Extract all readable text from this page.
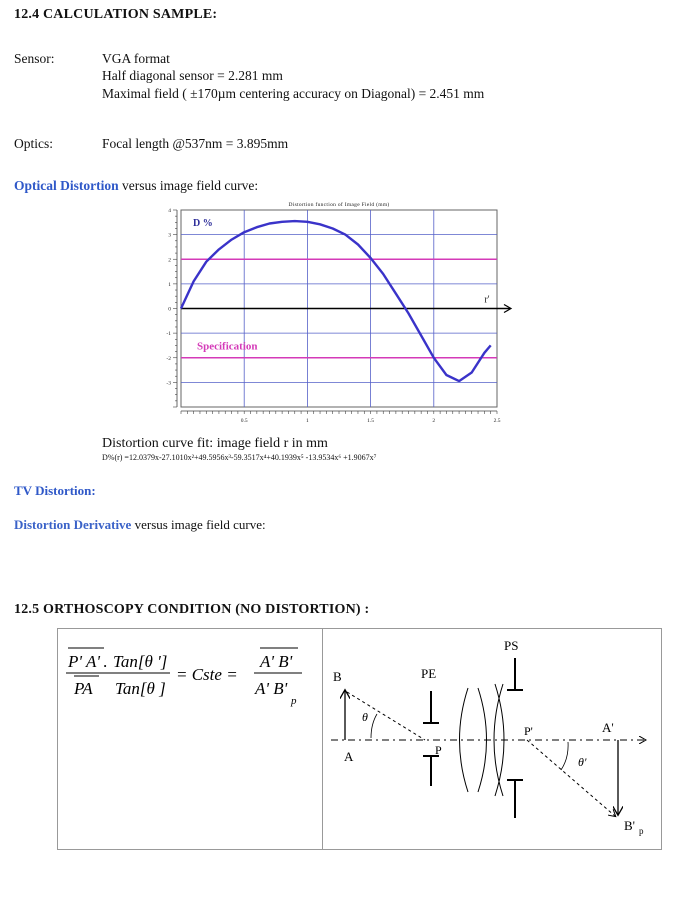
12.4 CALCULATION SAMPLE:
Sensor:	VGA format
Half diagonal sensor = 2.281 mm
Maximal field ( ±170µm centering accuracy on Diagonal) = 2.451 mm
Optics:	Focal length @537nm = 3.895mm
Optical Distortion versus image field curve:
4
3
2
1
0
-1
-2
-3
0.5	1	1.5	2	2.5
Distortion function of Image Field (mm)
D %
r'
Specification
Distortion curve fit: image field r in mm
D%(r) =12.0379x-27.1010x²+49.5956x³-59.3517x⁴+40.1939x⁵ -13.9534x⁶ +1.9067x⁷
TV Distortion:
Distortion Derivative versus image field curve:
12.5 ORTHOSCOPY CONDITION (NO DISTORTION) :
P' A'
PA
. Tan[θ ']
Tan[θ ]
= Cste =
A' B'
A' B'
p
B
A
θ
PE
P
PS
P'
θ'
A'
B' p
